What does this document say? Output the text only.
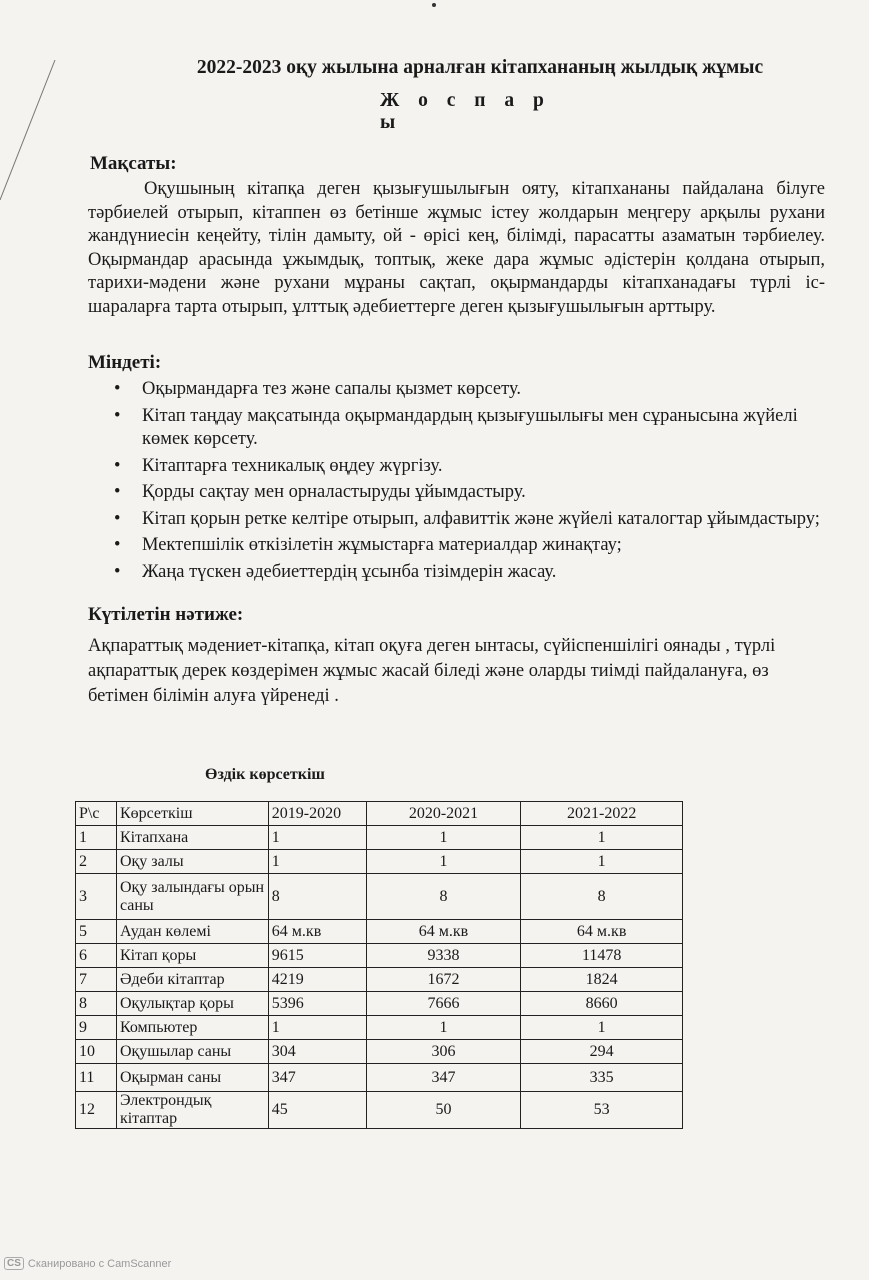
2022-2023 оқу жылына арналған кітапхананың жылдық жұмыс
Ж о с п а р ы
Мақсаты:
Оқушының кітапқа деген қызығушылығын ояту, кітапхананы пайдалана білуге тәрбиелей отырып, кітаппен өз бетінше жұмыс істеу жолдарын меңгеру арқылы рухани жандүниесін кеңейту, тілін дамыту, ой - өрісі кең, білімді, парасатты азаматын тәрбиелеу. Оқырмандар арасында ұжымдық, топтық, жеке дара жұмыс әдістерін қолдана отырып, тарихи-мәдени және рухани мұраны сақтап, оқырмандарды кітапханадағы түрлі іс-шараларға тарта отырып, ұлттық әдебиеттерге деген қызығушылығын арттыру.
Міндеті:
• Оқырмандарға тез және сапалы қызмет көрсету.
• Кітап таңдау мақсатында оқырмандардың қызығушылығы мен сұранысына жүйелі көмек көрсету.
• Кітаптарға техникалық өңдеу жүргізу.
• Қорды сақтау мен орналастыруды ұйымдастыру.
• Кітап қорын ретке келтіре отырып, алфавиттік және жүйелі каталогтар ұйымдастыру;
• Мектепшілік өткізілетін жұмыстарға материалдар жинақтау;
• Жаңа түскен әдебиеттердің ұсынба тізімдерін жасау.
Күтілетін нәтиже:
Ақпараттық мәдениет-кітапқа, кітап оқуға деген ынтасы, сүйіспеншілігі оянады , түрлі ақпараттық дерек көздерімен жұмыс жасай біледі және оларды тиімді пайдалануға, өз бетімен білімін алуға үйренеді .
Өздік көрсеткіш
Р\с	Көрсеткіш	2019-2020	2020-2021	2021-2022
1	Кітапхана	1	1	1
2	Оқу залы	1	1	1
3	Оқу залындағы орын саны	8	8	8
5	Аудан көлемі	64 м.кв	64 м.кв	64 м.кв
6	Кітап қоры	9615	9338	11478
7	Әдеби кітаптар	4219	1672	1824
8	Оқулықтар қоры	5396	7666	8660
9	Компьютер	1	1	1
10	Оқушылар саны	304	306	294
11	Оқырман саны	347	347	335
12	Электрондық кітаптар	45	50	53
CS Сканировано с CamScanner
